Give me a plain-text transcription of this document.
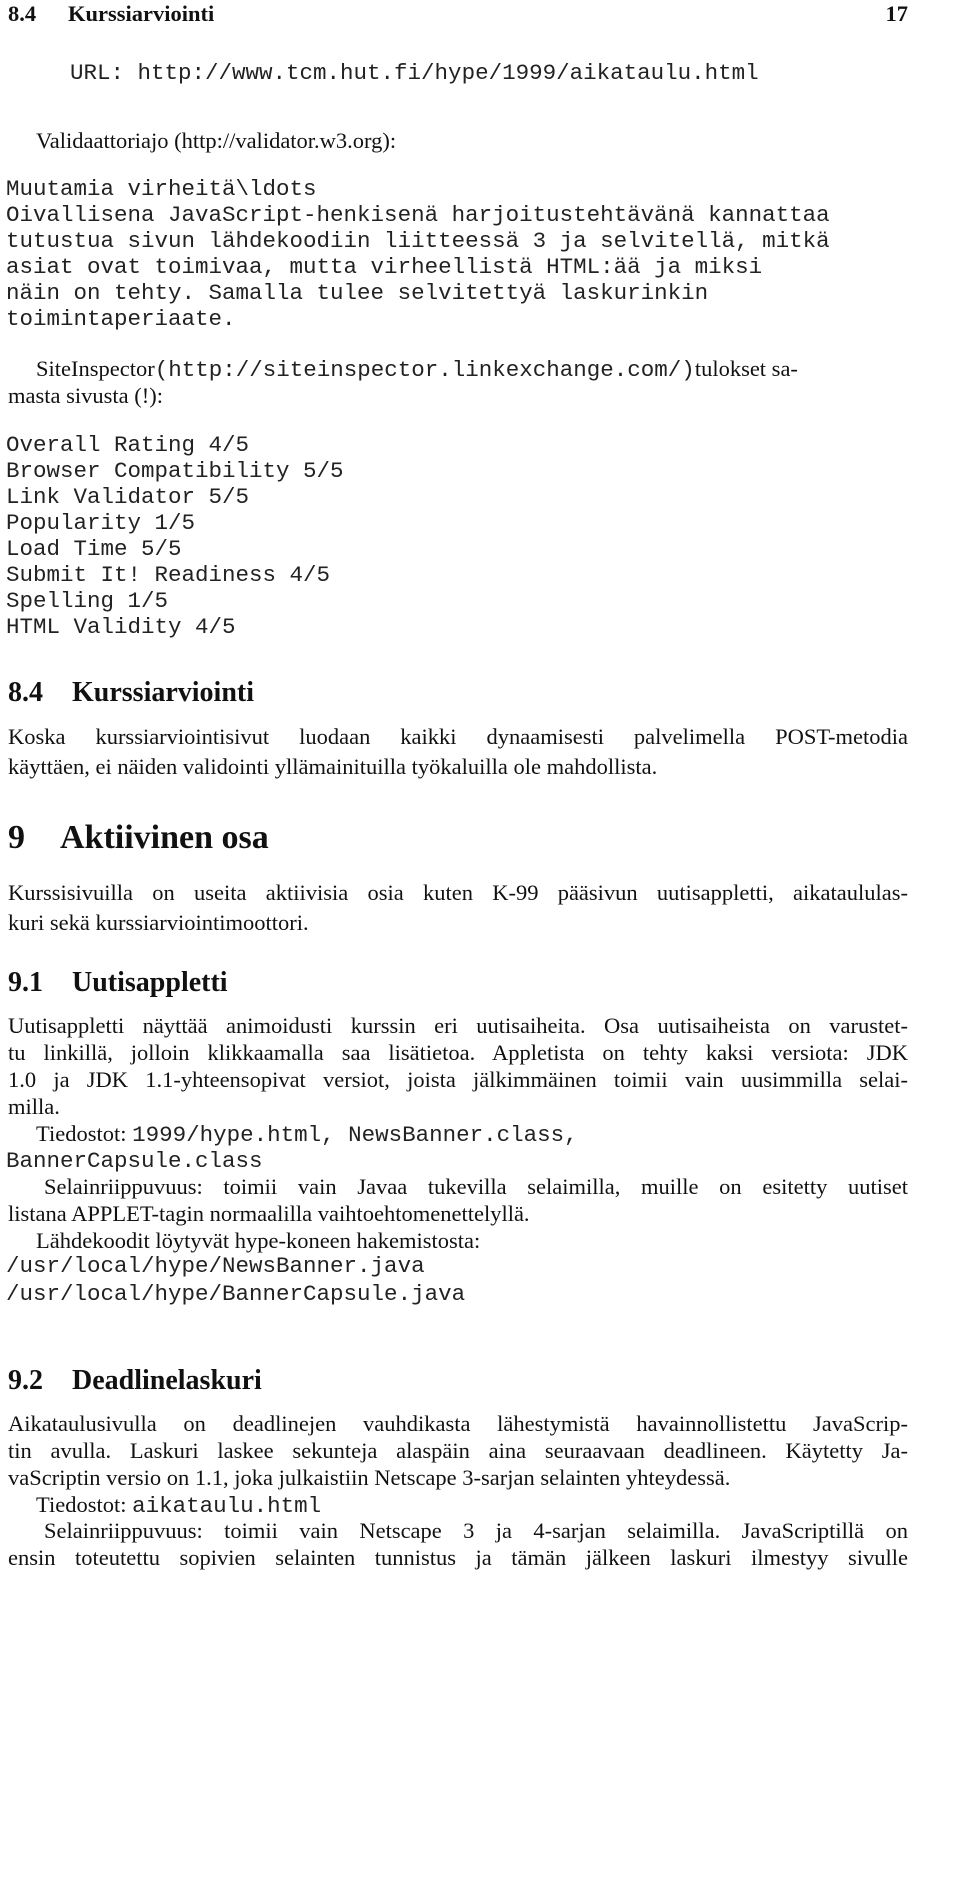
8.4 Kurssiarviointi	17
URL: http://www.tcm.hut.fi/hype/1999/aikataulu.html
Validaattoriajo (http://validator.w3.org):
Muutamia virheitä\ldots
Oivallisena JavaScript-henkisenä harjoitustehtävänä kannattaa
tutustua sivun lähdekoodiin liitteessä 3 ja selvitellä, mitkä
asiat ovat toimivaa, mutta virheellistä HTML:ää ja miksi
näin on tehty. Samalla tulee selvitettyä laskurinkin
toimintaperiaate.
SiteInspector(http://siteinspector.linkexchange.com/)tulokset sa-
masta sivusta (!):
Overall Rating 4/5
Browser Compatibility 5/5
Link Validator 5/5
Popularity 1/5
Load Time 5/5
Submit It! Readiness 4/5
Spelling 1/5
HTML Validity 4/5
8.4 Kurssiarviointi
Koska kurssiarviointisivut luodaan kaikki dynaamisesti palvelimella POST-metodia
käyttäen, ei näiden validointi yllämainituilla työkaluilla ole mahdollista.
9 Aktiivinen osa
Kurssisivuilla on useita aktiivisia osia kuten K-99 pääsivun uutisappletti, aikataululas-
kuri sekä kurssiarviointimoottori.
9.1 Uutisappletti
Uutisappletti näyttää animoidusti kurssin eri uutisaiheita. Osa uutisaiheista on varustet-
tu linkillä, jolloin klikkaamalla saa lisätietoa. Appletista on tehty kaksi versiota: JDK
1.0 ja JDK 1.1-yhteensopivat versiot, joista jälkimmäinen toimii vain uusimmilla selai-
milla.
Tiedostot: 1999/hype.html, NewsBanner.class,
BannerCapsule.class
Selainriippuvuus: toimii vain Javaa tukevilla selaimilla, muille on esitetty uutiset
listana APPLET-tagin normaalilla vaihtoehtomenettelyllä.
Lähdekoodit löytyvät hype-koneen hakemistosta:
/usr/local/hype/NewsBanner.java
/usr/local/hype/BannerCapsule.java
9.2 Deadlinelaskuri
Aikataulusivulla on deadlinejen vauhdikasta lähestymistä havainnollistettu JavaScrip-
tin avulla. Laskuri laskee sekunteja alaspäin aina seuraavaan deadlineen. Käytetty Ja-
vaScriptin versio on 1.1, joka julkaistiin Netscape 3-sarjan selainten yhteydessä.
Tiedostot: aikataulu.html
Selainriippuvuus: toimii vain Netscape 3 ja 4-sarjan selaimilla. JavaScriptillä on
ensin toteutettu sopivien selainten tunnistus ja tämän jälkeen laskuri ilmestyy sivulle
